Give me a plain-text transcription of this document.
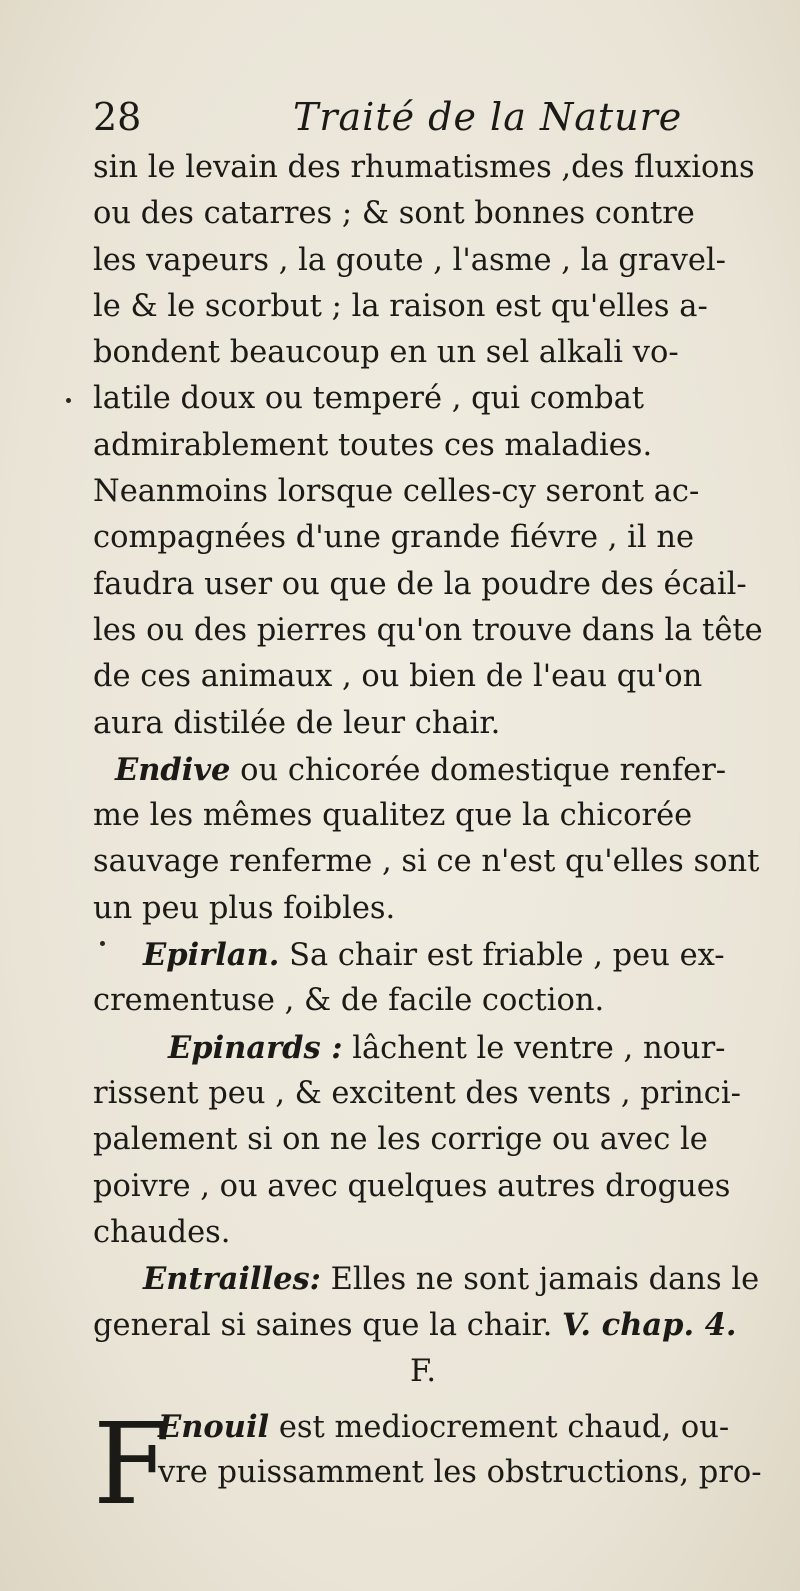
28	Traité de la Nature
sin le levain des rhumatismes ,des fluxions
ou des catarres ; & sont bonnes contre
les vapeurs , la goute , l'asme , la gravel-
le & le scorbut ; la raison est qu'elles a-
bondent beaucoup en un sel alkali vo-
latile doux ou temperé , qui combat
admirablement toutes ces maladies.
Neanmoins lorsque celles-cy seront ac-
compagnées d'une grande fiévre , il ne
faudra user ou que de la poudre des écail-
les ou des pierres qu'on trouve dans la tête
de ces animaux , ou bien de l'eau qu'on
aura distilée de leur chair.
Endive ou chicorée domestique renfer-
me les mêmes qualitez que la chicorée
sauvage renferme , si ce n'est qu'elles sont
un peu plus foibles.
Epirlan. Sa chair est friable , peu ex-
crementuse , & de facile coction.
Epinards : lâchent le ventre , nour-
rissent peu , & excitent des vents , princi-
palement si on ne les corrige ou avec le
poivre , ou avec quelques autres drogues
chaudes.
Entrailles: Elles ne sont jamais dans le
general si saines que la chair. V. chap. 4.
F.
F
Enouil est mediocrement chaud, ou-
vre puissamment les obstructions, pro-
